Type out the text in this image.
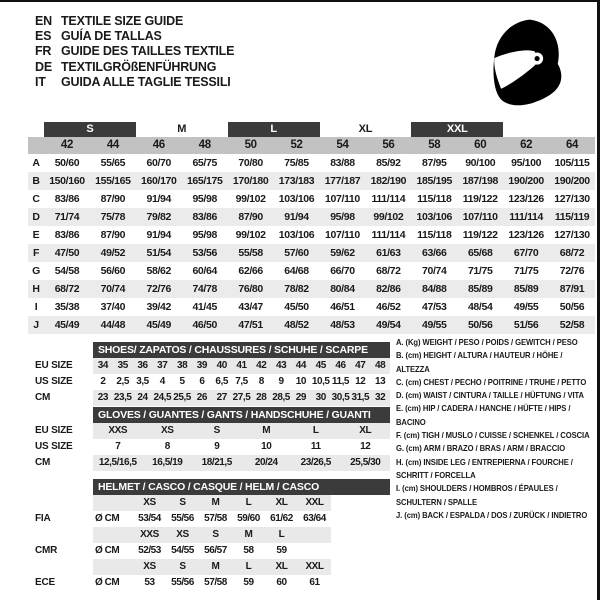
EN TEXTILE SIZE GUIDE
ES GUÍA DE TALLAS
FR GUIDE DES TAILLES TEXTILE
DE TEXTILGRÖßENFÜHRUNG
IT	GUIDA ALLE TAGLIE TESSILI
S	M	L	XL	XXL
42	44	46	48	50	52	54	56	58	60	62	64
A	50/60	55/65	60/70	65/75	70/80	75/85	83/88	85/92	87/95	90/100	95/100	105/115
B 150/160 155/165 160/170 165/175 170/180 173/183 177/187 182/190 185/195 187/198 190/200 190/200
C	83/86	87/90	91/94	95/98	99/102	103/106	107/110	111/114	115/118	119/122	123/126 127/130
D	71/74	75/78	79/82	83/86	87/90	91/94	95/98	99/102	103/106	107/110	111/114	115/119
E	83/86	87/90	91/94	95/98	99/102	103/106	107/110	111/114	115/118	119/122	123/126 127/130
F	47/50	49/52	51/54	53/56	55/58	57/60	59/62	61/63	63/66	65/68	67/70	68/72
G	54/58	56/60	58/62	60/64	62/66	64/68	66/70	68/72	70/74	71/75	71/75	72/76
H	68/72	70/74	72/76	74/78	76/80	78/82	80/84	82/86	84/88	85/89	85/89	87/91
I	35/38	37/40	39/42	41/45	43/47	45/50	46/51	46/52	47/53	48/54	49/55	50/56
J	45/49	44/48	45/49	46/50	47/51	48/52	48/53	49/54	49/55	50/56	51/56	52/58
SHOES/ ZAPATOS / CHAUSSURES / SCHUHE / SCARPE
EU SIZE	34 35 36 37 38 39 40 41 42 43 44 45 46 47 48
US SIZE	2	2,5 3,5	4	5	6	6,5 7,5	8	9	10 10,5 11,5 12 13
CM	23 23,5 24 24,5 25,5 26 27 27,5 28 28,5 29 30 30,5 31,5 32
GLOVES / GUANTES / GANTS / HANDSCHUHE / GUANTI
EU SIZE	XXS	XS	S	M	L	XL
US SIZE	7	8	9	10	11	12
CM	12,5/16,5	16,5/19	18/21,5	20/24	23/26,5	25,5/30
HELMET / CASCO / CASQUE / HELM / CASCO
XS	S	M	L	XL	XXL
FIA	Ø CM	53/54	55/56	57/58	59/60	61/62	63/64
XXS	XS	S	M	L
CMR	Ø CM	52/53	54/55	56/57	58	59
XS	S	M	L	XL	XXL
ECE	Ø CM	53	55/56	57/58	59	60	61
A. (Kg) WEIGHT / PESO / POIDS / GEWITCH / PESO
B. (cm) HEIGHT / ALTURA / HAUTEUR / HÖHE / ALTEZZA
C. (cm) CHEST / PECHO / POITRINE / TRUHE / PETTO
D. (cm) WAIST / CINTURA / TAILLE / HÜFTUNG / VITA
E. (cm) HIP / CADERA / HANCHE / HÜFTE / HIPS / BACINO
F. (cm) TIGH / MUSLO / CUISSE / SCHENKEL / COSCIA
G. (cm) ARM / BRAZO / BRAS / ARM / BRACCIO
H. (cm) INSIDE LEG / ENTREPIERNA / FOURCHE / SCHRITT / FORCELLA
I. (cm) SHOULDERS / HOMBROS / ÉPAULES / SCHULTERN / SPALLE
J. (cm) BACK / ESPALDA / DOS / ZURÜCK / INDIETRO
